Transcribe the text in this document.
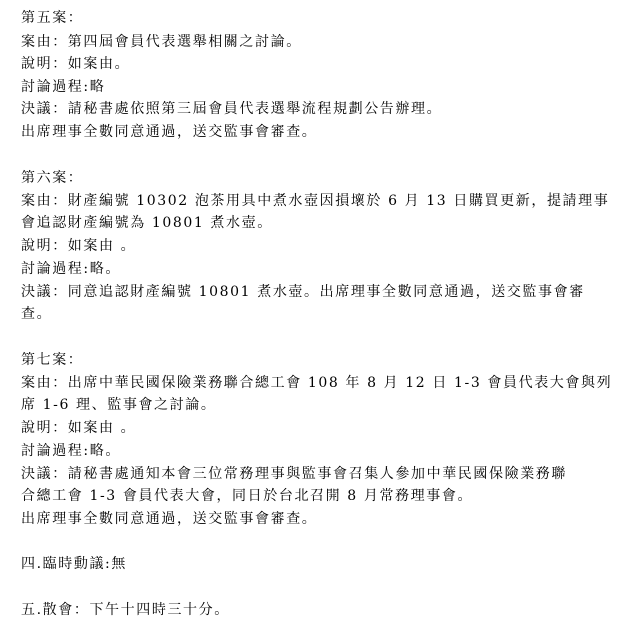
第五案：
案由：第四屆會員代表選舉相關之討論。
說明：如案由。
討論過程:略
決議：請秘書處依照第三屆會員代表選舉流程規劃公告辦理。
出席理事全數同意通過，送交監事會審查。
第六案：
案由：財產編號 10302 泡茶用具中煮水壺因損壞於 6 月 13 日購買更新，提請理事
會追認財產編號為 10801 煮水壺。
說明：如案由 。
討論過程:略。
決議：同意追認財產編號 10801 煮水壺。出席理事全數同意通過，送交監事會審
查。
第七案：
案由：出席中華民國保險業務聯合總工會 108 年 8 月 12 日 1-3 會員代表大會與列
席 1-6 理、監事會之討論。
說明：如案由 。
討論過程:略。
決議：請秘書處通知本會三位常務理事與監事會召集人參加中華民國保險業務聯
合總工會 1-3 會員代表大會，同日於台北召開 8 月常務理事會。
出席理事全數同意通過，送交監事會審查。
四.臨時動議:無
五.散會：下午十四時三十分。
